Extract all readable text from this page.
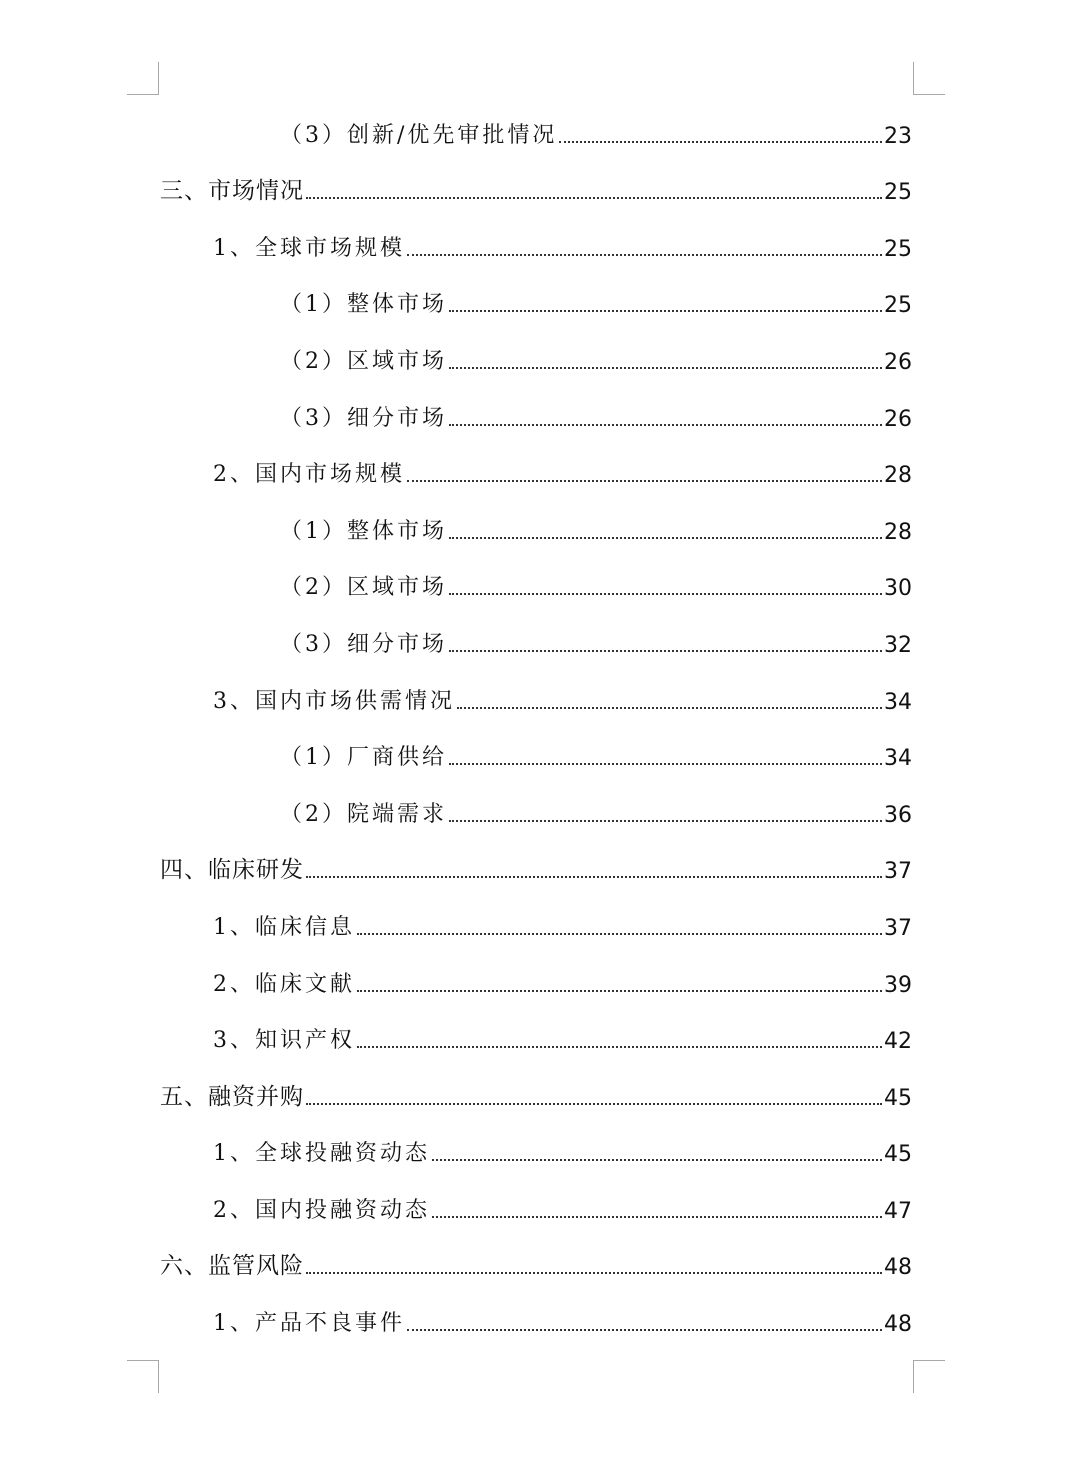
（3）创新/优先审批情况	23
三、市场情况	25
1、全球市场规模	25
（1）整体市场	25
（2）区域市场	26
（3）细分市场	26
2、国内市场规模	28
（1）整体市场	28
（2）区域市场	30
（3）细分市场	32
3、国内市场供需情况	34
（1）厂商供给	34
（2）院端需求	36
四、临床研发	37
1、临床信息	37
2、临床文献	39
3、知识产权	42
五、融资并购	45
1、全球投融资动态	45
2、国内投融资动态	47
六、监管风险	48
1、产品不良事件	48
